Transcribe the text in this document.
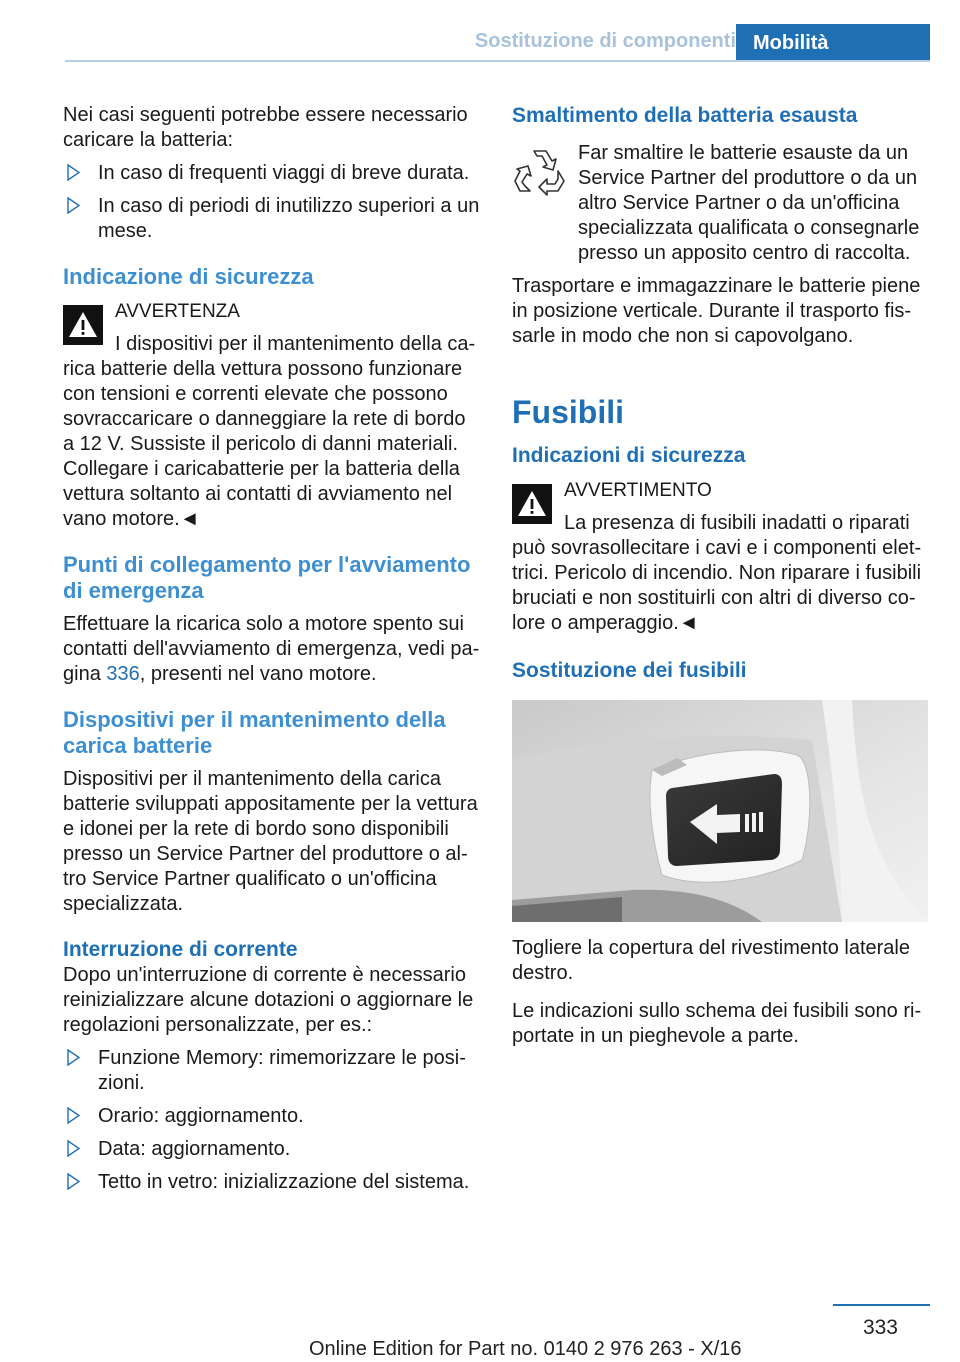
Sostituzione di componenti Mobilità

Nei casi seguenti potrebbe essere necessario caricare la batteria:

In caso di frequenti viaggi di breve durata.
In caso di periodi di inutilizzo superiori a un mese.
Indicazione di sicurezza
AVVERTENZA

I dispositivi per il mantenimento della carica batterie della vettura possono funzionare con tensioni e correnti elevate che possono sovraccaricare o danneggiare la rete di bordo a 12 V. Sussiste il pericolo di danni materiali. Collegare i caricabatterie per la batteria della vettura soltanto ai contatti di avviamento nel vano motore.◄

Punti di collegamento per l'avviamento di emergenza

Effettuare la ricarica solo a motore spento sui contatti dell'avviamento di emergenza, vedi pagina 336, presenti nel vano motore.

Dispositivi per il mantenimento della carica batterie

Dispositivi per il mantenimento della carica batterie sviluppati appositamente per la vettura e idonei per la rete di bordo sono disponibili presso un Service Partner del produttore o altro Service Partner qualificato o un'officina specializzata.

Interruzione di corrente

Dopo un'interruzione di corrente è necessario reinizializzare alcune dotazioni o aggiornare le regolazioni personalizzate, per es.:

Funzione Memory: rimemorizzare le posizioni.
Orario: aggiornamento.
Data: aggiornamento.
Tetto in vetro: inizializzazione del sistema.
Smaltimento della batteria esausta

Far smaltire le batterie esauste da un Service Partner del produttore o da un altro Service Partner o da un'officina specializzata qualificata o consegnarle presso un apposito centro di raccolta.

Trasportare e immagazzinare le batterie piene in posizione verticale. Durante il trasporto fissarle in modo che non si capovolgano.

Fusibili
Indicazioni di sicurezza
AVVERTIMENTO

La presenza di fusibili inadatti o riparati può sovrasollecitare i cavi e i componenti elettrici. Pericolo di incendio. Non riparare i fusibili bruciati e non sostituirli con altri di diverso colore o amperaggio.◄

Sostituzione dei fusibili

Togliere la copertura del rivestimento laterale destro.

Le indicazioni sullo schema dei fusibili sono riportate in un pieghevole a parte.

333
Online Edition for Part no. 0140 2 976 263 - X/16
